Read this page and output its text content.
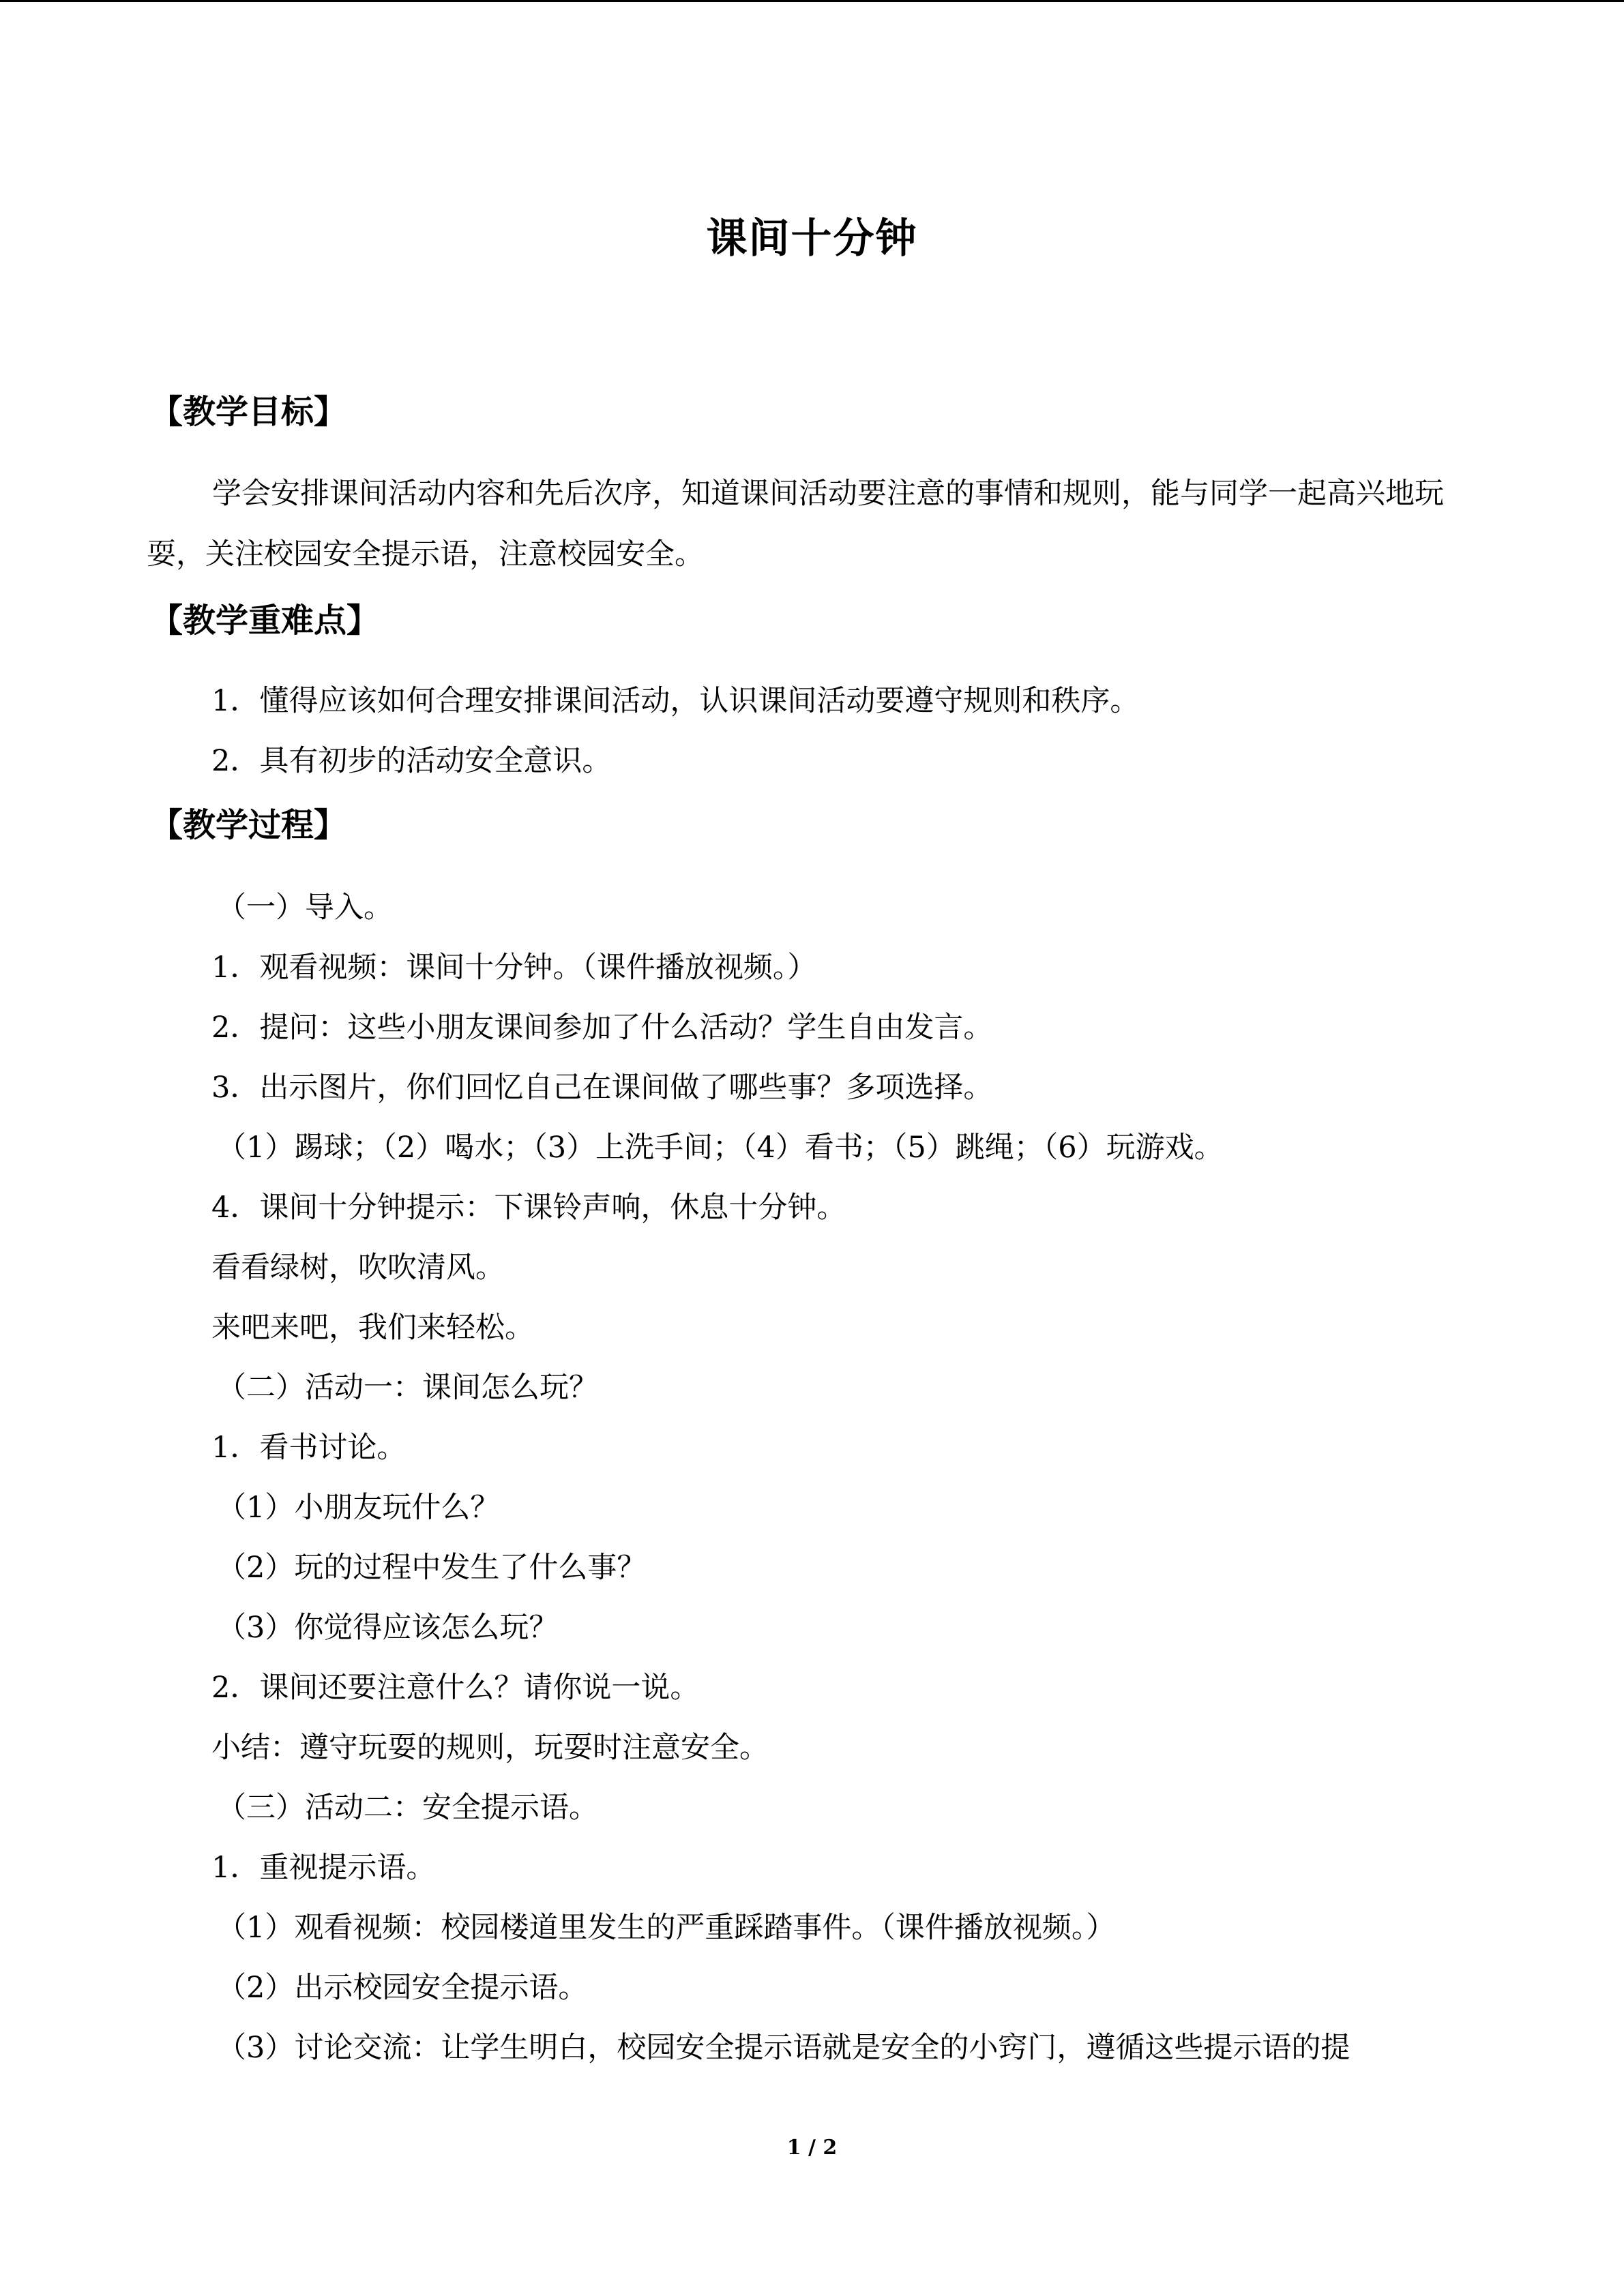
课间十分钟
【教学目标】
学会安排课间活动内容和先后次序，知道课间活动要注意的事情和规则，能与同学一起高兴地玩耍，关注校园安全提示语，注意校园安全。
【教学重难点】
1．懂得应该如何合理安排课间活动，认识课间活动要遵守规则和秩序。
2．具有初步的活动安全意识。
【教学过程】
（一）导入。
1．观看视频：课间十分钟。（课件播放视频。）
2．提问：这些小朋友课间参加了什么活动？学生自由发言。
3．出示图片，你们回忆自己在课间做了哪些事？多项选择。
（1）踢球；（2）喝水；（3）上洗手间；（4）看书；（5）跳绳；（6）玩游戏。
4．课间十分钟提示：下课铃声响，休息十分钟。
看看绿树，吹吹清风。
来吧来吧，我们来轻松。
（二）活动一：课间怎么玩？
1．看书讨论。
（1）小朋友玩什么？
（2）玩的过程中发生了什么事？
（3）你觉得应该怎么玩？
2．课间还要注意什么？请你说一说。
小结：遵守玩耍的规则，玩耍时注意安全。
（三）活动二：安全提示语。
1．重视提示语。
（1）观看视频：校园楼道里发生的严重踩踏事件。（课件播放视频。）
（2）出示校园安全提示语。
（3）讨论交流：让学生明白，校园安全提示语就是安全的小窍门，遵循这些提示语的提
1 / 2
